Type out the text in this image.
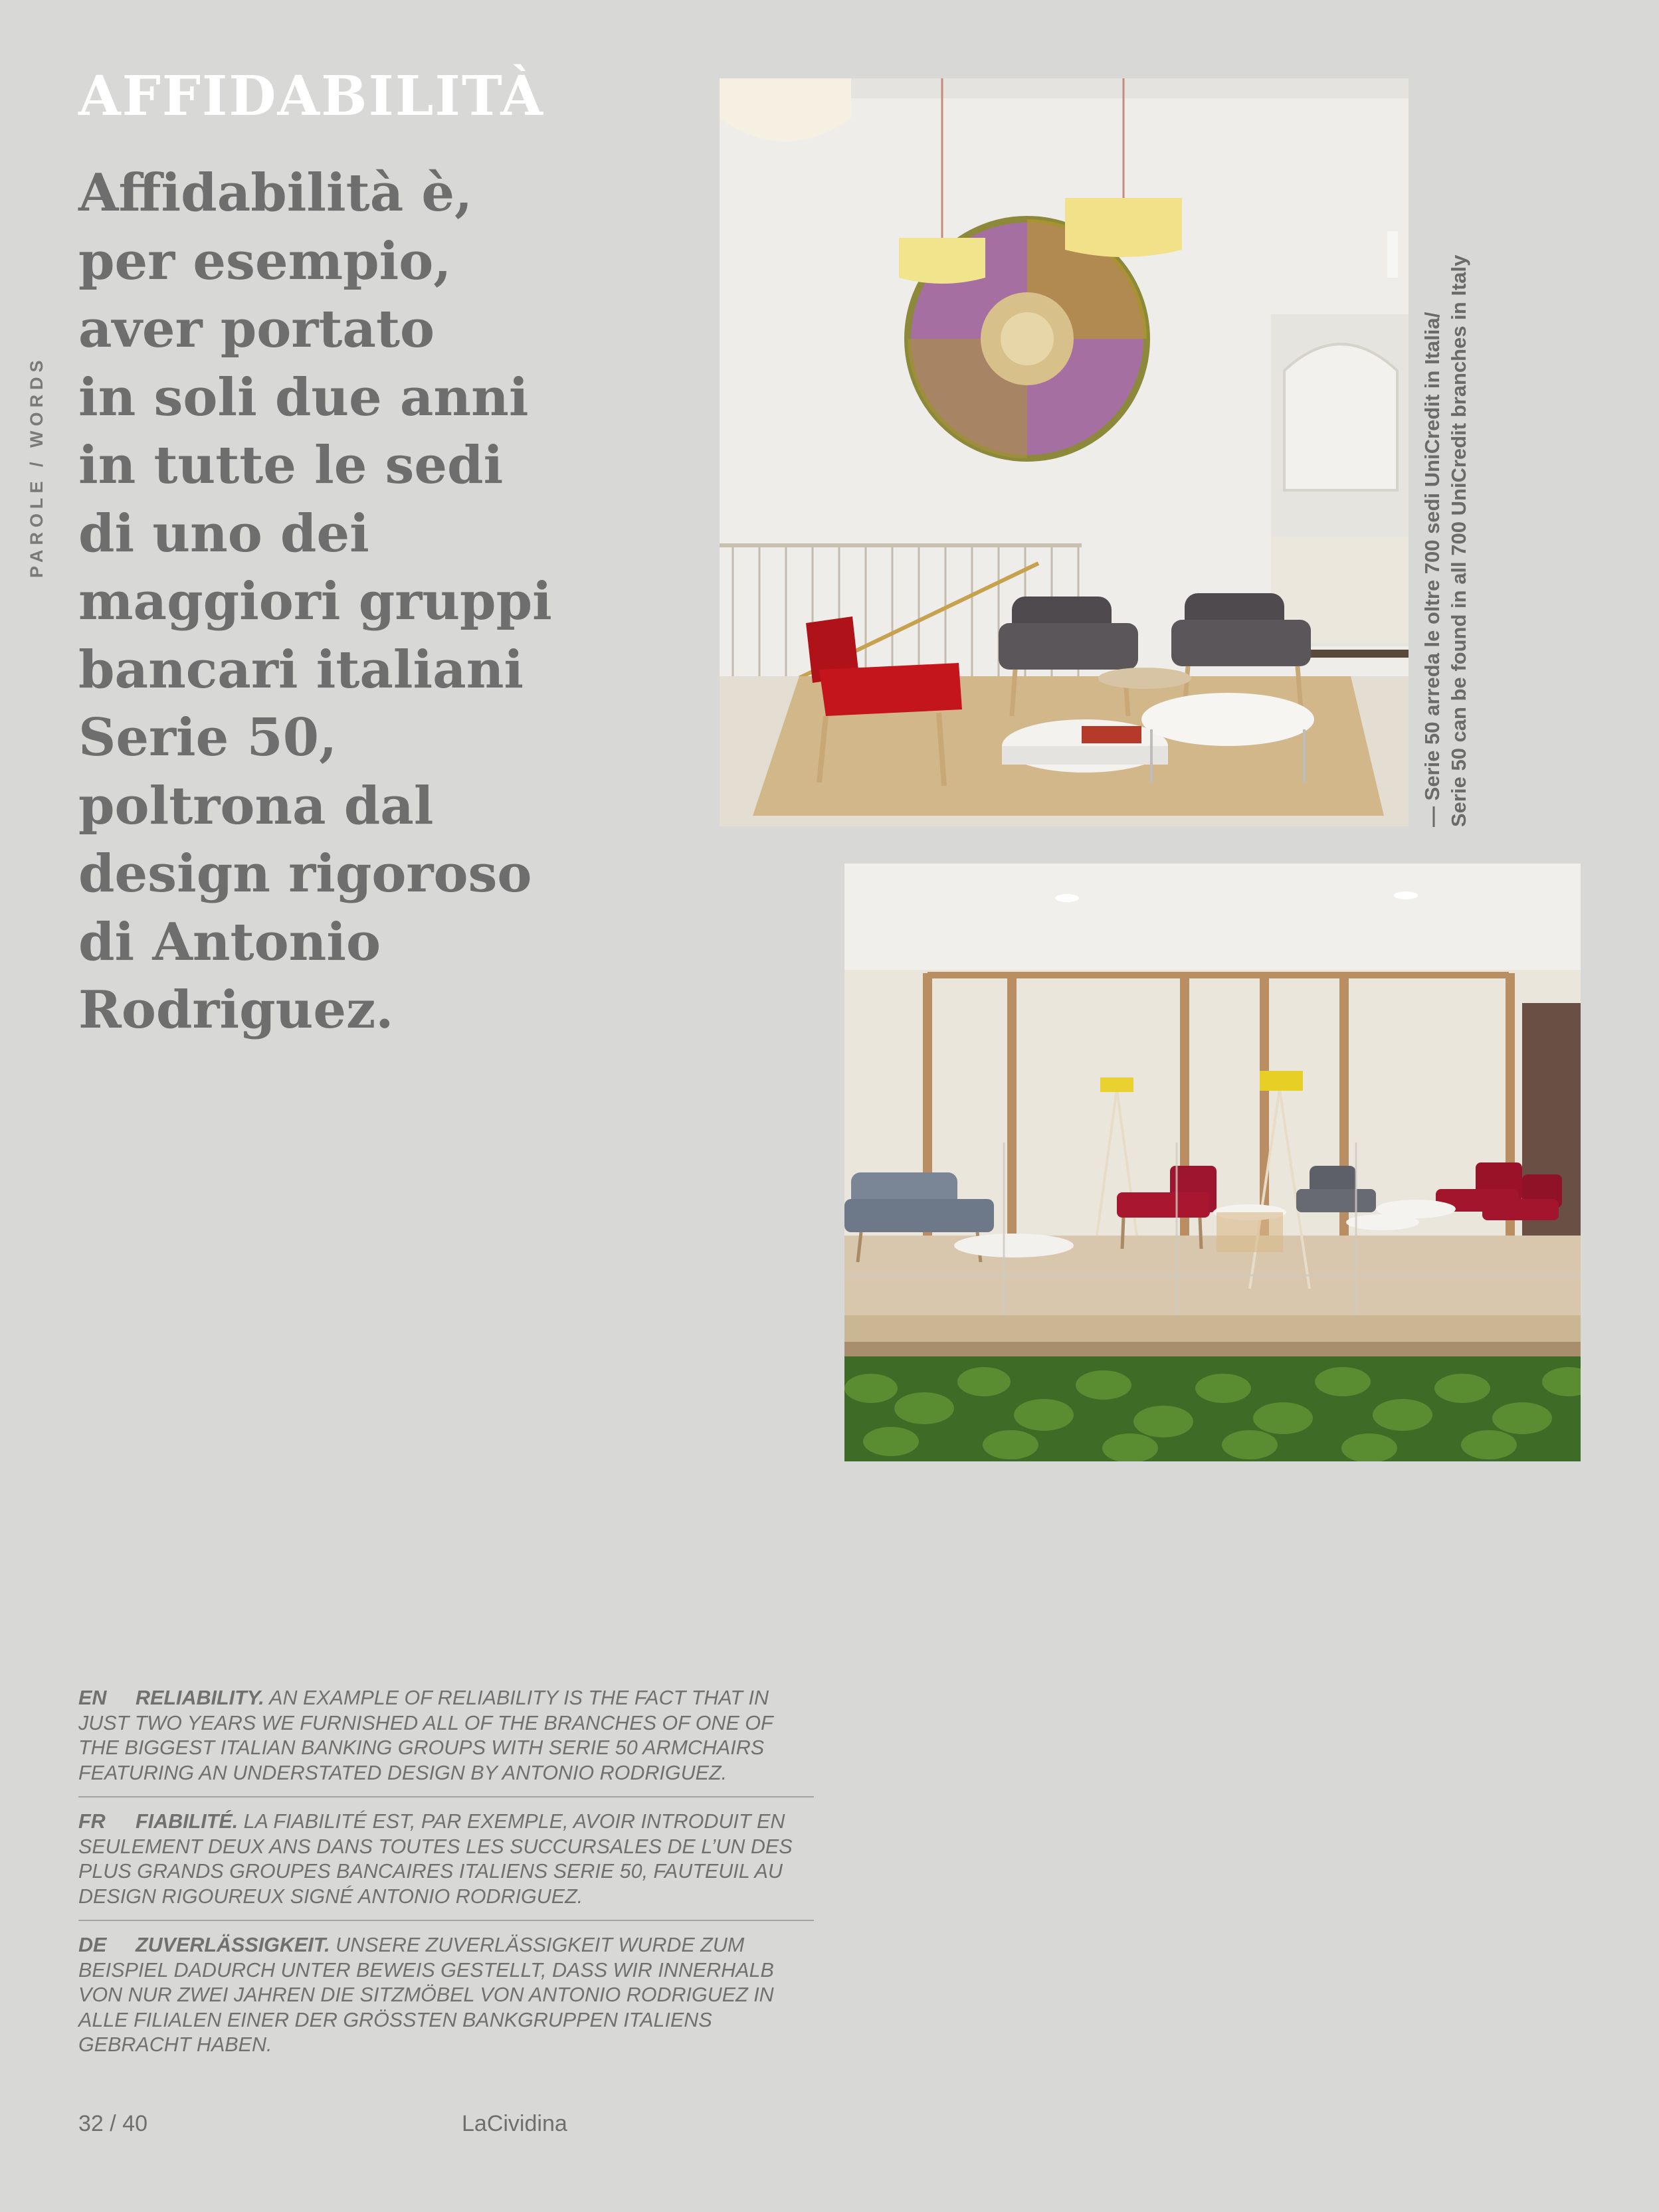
AFFIDABILITÀ
PAROLE / WORDS

Affidabilità è,
per esempio,
aver portato
in soli due anni
in tutte le sedi
di uno dei
maggiori gruppi
bancari italiani
Serie 50,
poltrona dal
design rigoroso
di Antonio
Rodriguez.

— Serie 50 arreda le oltre 700 sedi UniCredit in Italia/ Serie 50 can be found in all 700 UniCredit branches in Italy
EN RELIABILITY. AN EXAMPLE OF RELIABILITY IS THE FACT THAT IN JUST TWO YEARS WE FURNISHED ALL OF THE BRANCHES OF ONE OF THE BIGGEST ITALIAN BANKING GROUPS WITH SERIE 50 ARMCHAIRS FEATURING AN UNDERSTATED DESIGN BY ANTONIO RODRIGUEZ.
FR FIABILITÉ. LA FIABILITÉ EST, PAR EXEMPLE, AVOIR INTRODUIT EN SEULEMENT DEUX ANS DANS TOUTES LES SUCCURSALES DE L’UN DES PLUS GRANDS GROUPES BANCAIRES ITALIENS SERIE 50, FAUTEUIL AU DESIGN RIGOUREUX SIGNÉ ANTONIO RODRIGUEZ.
DE ZUVERLÄSSIGKEIT. UNSERE ZUVERLÄSSIGKEIT WURDE ZUM BEISPIEL DADURCH UNTER BEWEIS GESTELLT, DASS WIR INNERHALB VON NUR ZWEI JAHREN DIE SITZMÖBEL VON ANTONIO RODRIGUEZ IN ALLE FILIALEN EINER DER GRÖSSTEN BANKGRUPPEN ITALIENS GEBRACHT HABEN.
32 / 40	LaCividina
